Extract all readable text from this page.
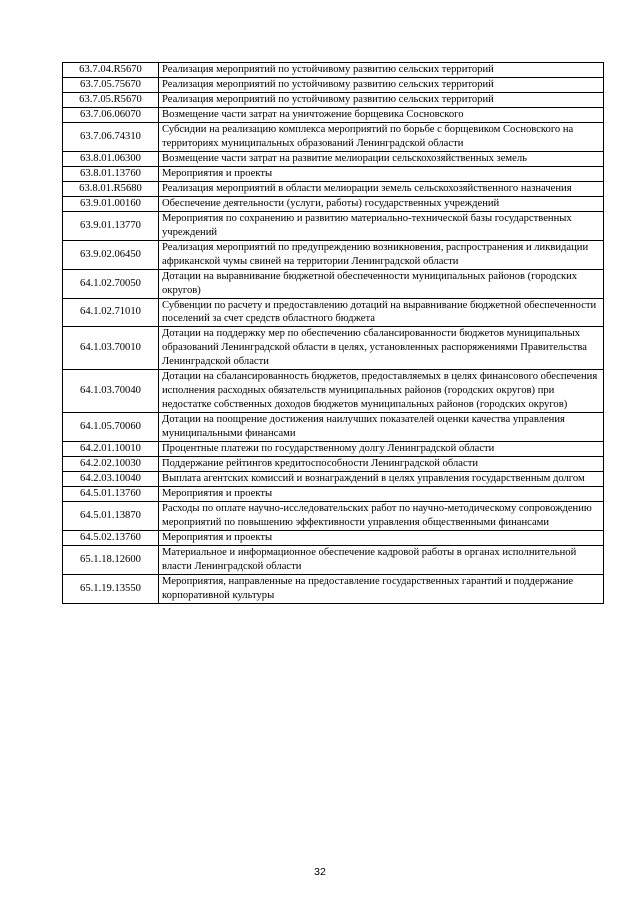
63.7.04.R5670	Реализация мероприятий по устойчивому развитию сельских территорий
63.7.05.75670	Реализация мероприятий по устойчивому развитию сельских территорий
63.7.05.R5670	Реализация мероприятий по устойчивому развитию сельских территорий
63.7.06.06070	Возмещение части затрат на уничтожение борщевика Сосновского
63.7.06.74310	Субсидии на реализацию комплекса мероприятий по борьбе с борщевиком Сосновского на территориях муниципальных образований Ленинградской области
63.8.01.06300	Возмещение части затрат на развитие мелиорации сельскохозяйственных земель
63.8.01.13760	Мероприятия и проекты
63.8.01.R5680	Реализация мероприятий в области мелиорации земель сельскохозяйственного назначения
63.9.01.00160	Обеспечение деятельности (услуги, работы) государственных учреждений
63.9.01.13770	Мероприятия по сохранению и развитию материально-технической базы государственных учреждений
63.9.02.06450	Реализация мероприятий по предупреждению возникновения, распространения и ликвидации африканской чумы свиней на территории Ленинградской области
64.1.02.70050	Дотации на выравнивание бюджетной обеспеченности муниципальных районов (городских округов)
64.1.02.71010	Субвенции по расчету и предоставлению дотаций на выравнивание бюджетной обеспеченности поселений за счет средств областного бюджета
64.1.03.70010	Дотации на поддержку мер по обеспечению сбалансированности бюджетов муниципальных образований Ленинградской области в целях, установленных распоряжениями Правительства Ленинградской области
64.1.03.70040	Дотации на сбалансированность бюджетов, предоставляемых в целях финансового обеспечения исполнения расходных обязательств муниципальных районов (городских округов) при недостатке собственных доходов бюджетов муниципальных районов (городских округов)
64.1.05.70060	Дотации на поощрение достижения наилучших показателей оценки качества управления муниципальными финансами
64.2.01.10010	Процентные платежи по государственному долгу Ленинградской области
64.2.02.10030	Поддержание рейтингов кредитоспособности Ленинградской области
64.2.03.10040	Выплата агентских комиссий и вознаграждений в целях управления государственным долгом
64.5.01.13760	Мероприятия и проекты
64.5.01.13870	Расходы по оплате научно-исследовательских работ по научно-методическому сопровождению мероприятий по повышению эффективности управления общественными финансами
64.5.02.13760	Мероприятия и проекты
65.1.18.12600	Материальное и информационное обеспечение кадровой работы в органах исполнительной власти Ленинградской области
65.1.19.13550	Мероприятия, направленные на предоставление государственных гарантий и поддержание корпоративной культуры
32
